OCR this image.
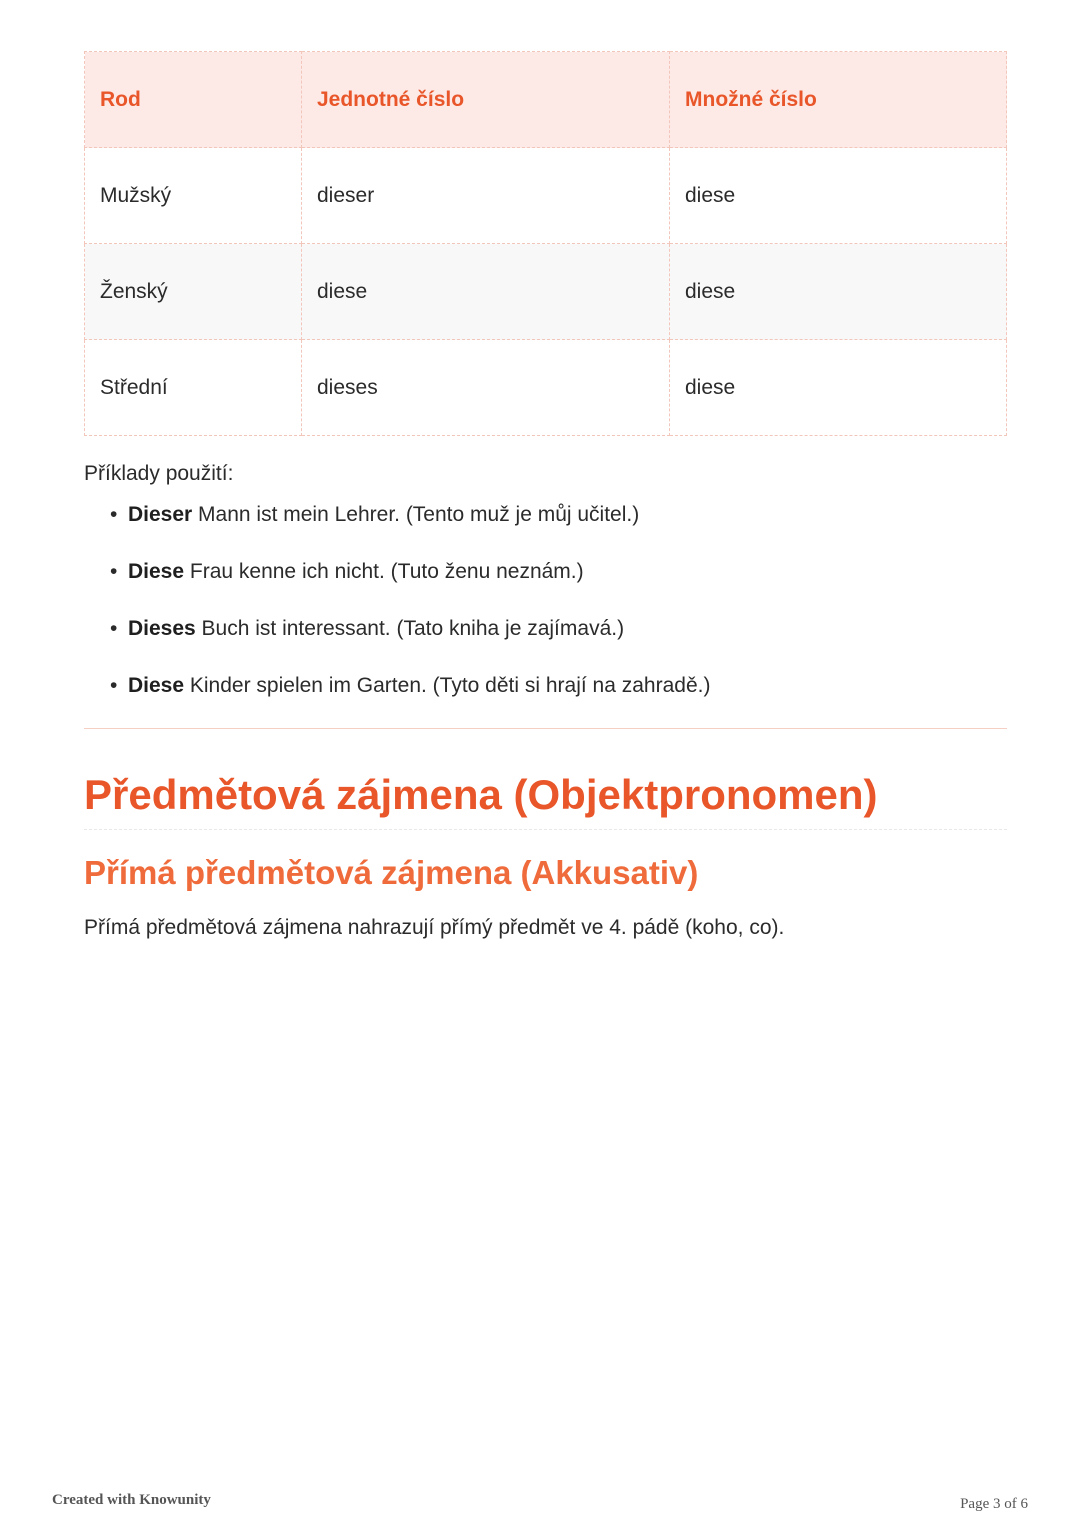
Rod	Jednotné číslo	Množné číslo
Mužský	dieser	diese
Ženský	diese	diese
Střední	dieses	diese
Příklady použití:
• Dieser Mann ist mein Lehrer. (Tento muž je můj učitel.)
• Diese Frau kenne ich nicht. (Tuto ženu neznám.)
• Dieses Buch ist interessant. (Tato kniha je zajímavá.)
• Diese Kinder spielen im Garten. (Tyto děti si hrají na zahradě.)
Předmětová zájmena (Objektpronomen)
Přímá předmětová zájmena (Akkusativ)

Přímá předmětová zájmena nahrazují přímý předmět ve 4. pádě (koho, co).

Created with Knowunity	Page 3 of 6
